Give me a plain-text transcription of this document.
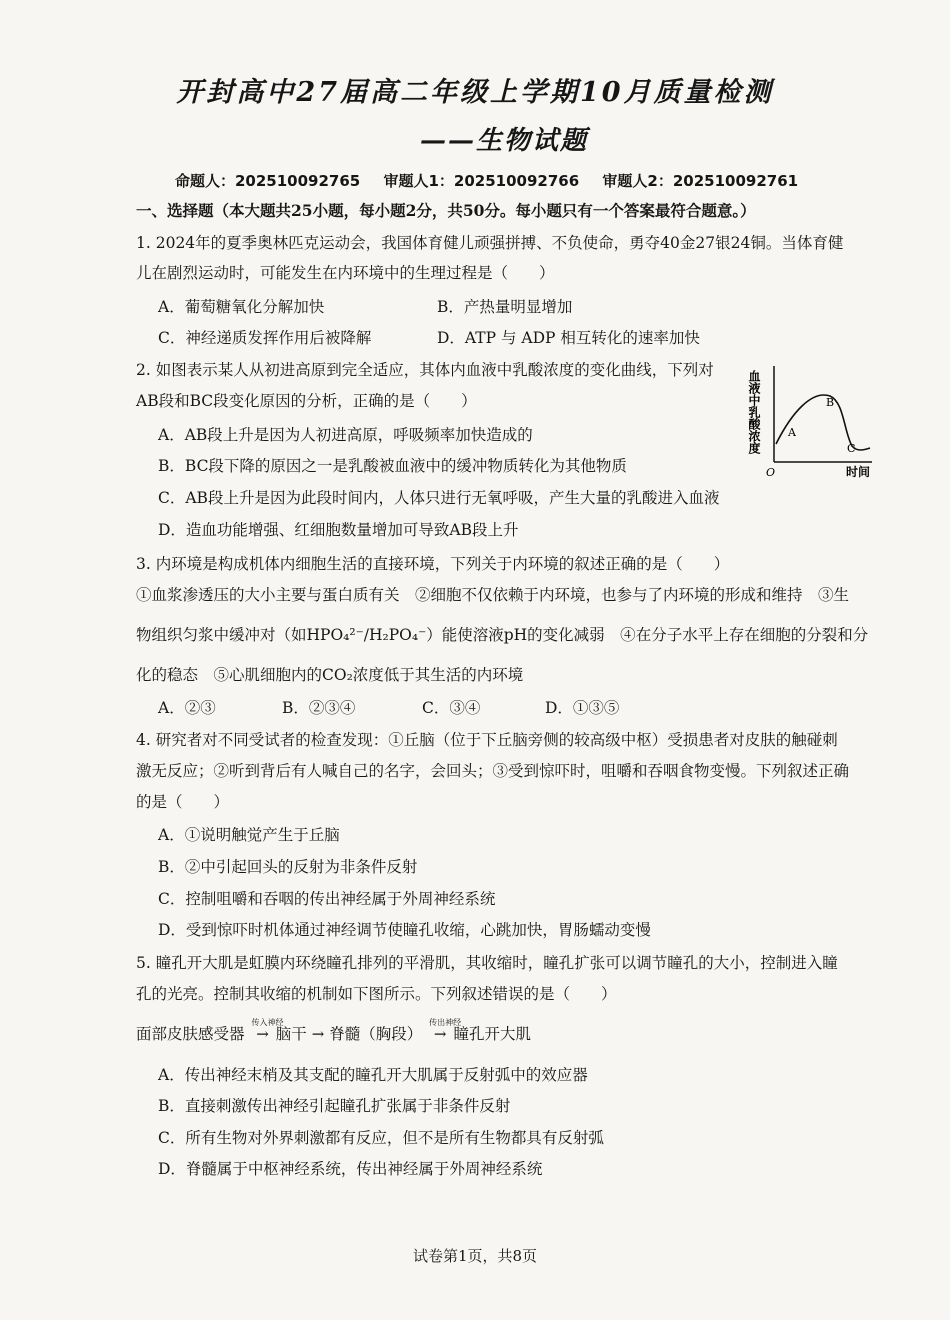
开封高中27届高二年级上学期10月质量检测
——生物试题
命题人：202510092765 审题人1：202510092766 审题人2：202510092761
一、选择题（本大题共25小题，每小题2分，共50分。每小题只有一个答案最符合题意。）
1. 2024年的夏季奥林匹克运动会，我国体育健儿顽强拼搏、不负使命，勇夺40金27银24铜。当体育健
儿在剧烈运动时，可能发生在内环境中的生理过程是（　　）
A．葡萄糖氧化分解加快	B．产热量明显增加
C．神经递质发挥作用后被降解	D．ATP 与 ADP 相互转化的速率加快
2. 如图表示某人从初进高原到完全适应，其体内血液中乳酸浓度的变化曲线，下列对
AB段和BC段变化原因的分析，正确的是（　　）
A．AB段上升是因为人初进高原，呼吸频率加快造成的
B．BC段下降的原因之一是乳酸被血液中的缓冲物质转化为其他物质
C．AB段上升是因为此段时间内，人体只进行无氧呼吸，产生大量的乳酸进入血液
D．造血功能增强、红细胞数量增加可导致AB段上升
血液中乳酸浓度
O	时间
A
B
C
3. 内环境是构成机体内细胞生活的直接环境，下列关于内环境的叙述正确的是（　　）
①血浆渗透压的大小主要与蛋白质有关　②细胞不仅依赖于内环境，也参与了内环境的形成和维持　③生
物组织匀浆中缓冲对（如HPO₄²⁻/H₂PO₄⁻）能使溶液pH的变化减弱　④在分子水平上存在细胞的分裂和分
化的稳态　⑤心肌细胞内的CO₂浓度低于其生活的内环境
A．②③	B．②③④	C．③④	D．①③⑤
4. 研究者对不同受试者的检查发现：①丘脑（位于下丘脑旁侧的较高级中枢）受损患者对皮肤的触碰刺
激无反应；②听到背后有人喊自己的名字，会回头；③受到惊吓时，咀嚼和吞咽食物变慢。下列叙述正确
的是（　　）
A．①说明触觉产生于丘脑
B．②中引起回头的反射为非条件反射
C．控制咀嚼和吞咽的传出神经属于外周神经系统
D．受到惊吓时机体通过神经调节使瞳孔收缩，心跳加快，胃肠蠕动变慢
5. 瞳孔开大肌是虹膜内环绕瞳孔排列的平滑肌，其收缩时，瞳孔扩张可以调节瞳孔的大小，控制进入瞳
孔的光亮。控制其收缩的机制如下图所示。下列叙述错误的是（　　）
面部皮肤感受器
传入神经
→ 脑干 → 脊髓（胸段）
传出神经
→ 瞳孔开大肌
A．传出神经末梢及其支配的瞳孔开大肌属于反射弧中的效应器
B．直接刺激传出神经引起瞳孔扩张属于非条件反射
C．所有生物对外界刺激都有反应，但不是所有生物都具有反射弧
D．脊髓属于中枢神经系统，传出神经属于外周神经系统
试卷第1页，共8页
